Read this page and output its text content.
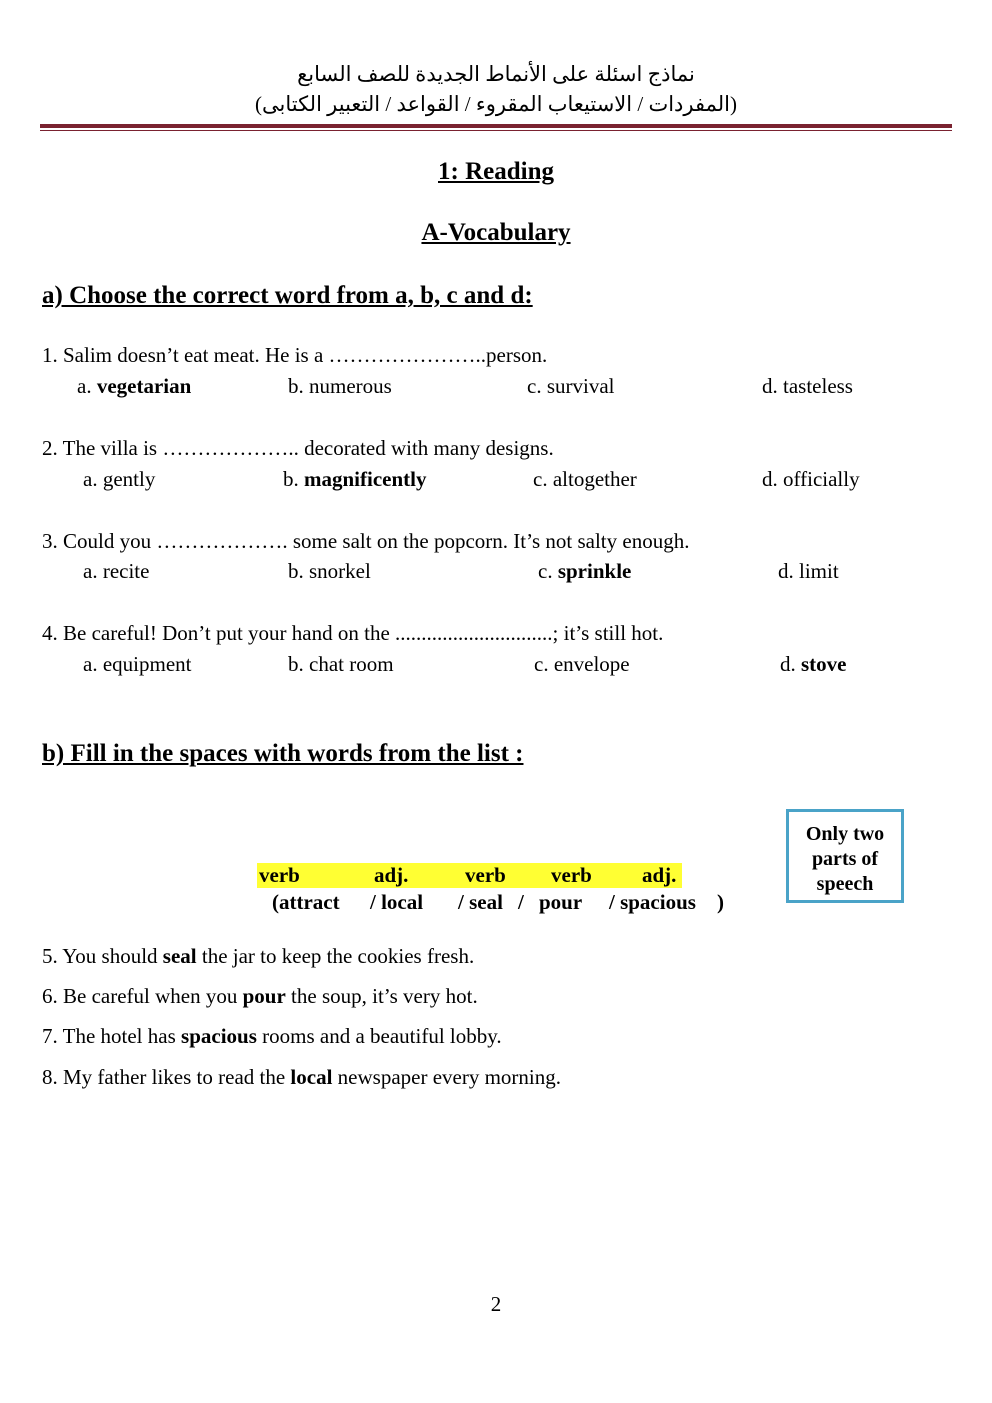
نماذج اسئلة على الأنماط الجديدة للصف السابع
(المفردات / الاستيعاب المقروء / القواعد / التعبير الكتابى)
1: Reading
A-Vocabulary
a) Choose the correct word from a, b, c and d:
1. Salim doesn’t eat meat. He is a …………………..person.
a. vegetarian	b. numerous	c. survival	d. tasteless
2. The villa is ……………….. decorated with many designs.
a. gently	b. magnificently	c. altogether	d. officially
3. Could you ………………. some salt on the popcorn. It’s not salty enough.
a. recite	b. snorkel	c. sprinkle	d. limit
4. Be careful! Don’t put your hand on the ..............................; it’s still hot.
a. equipment	b. chat room	c. envelope	d. stove
b) Fill in the spaces with words from the list :
verb	adj.	verb verb adj.
(attract / local / seal / pour / spacious )
Only two parts of speech
5. You should seal the jar to keep the cookies fresh.
6. Be careful when you pour the soup, it’s very hot.
7. The hotel has spacious rooms and a beautiful lobby.
8. My father likes to read the local newspaper every morning.
2
